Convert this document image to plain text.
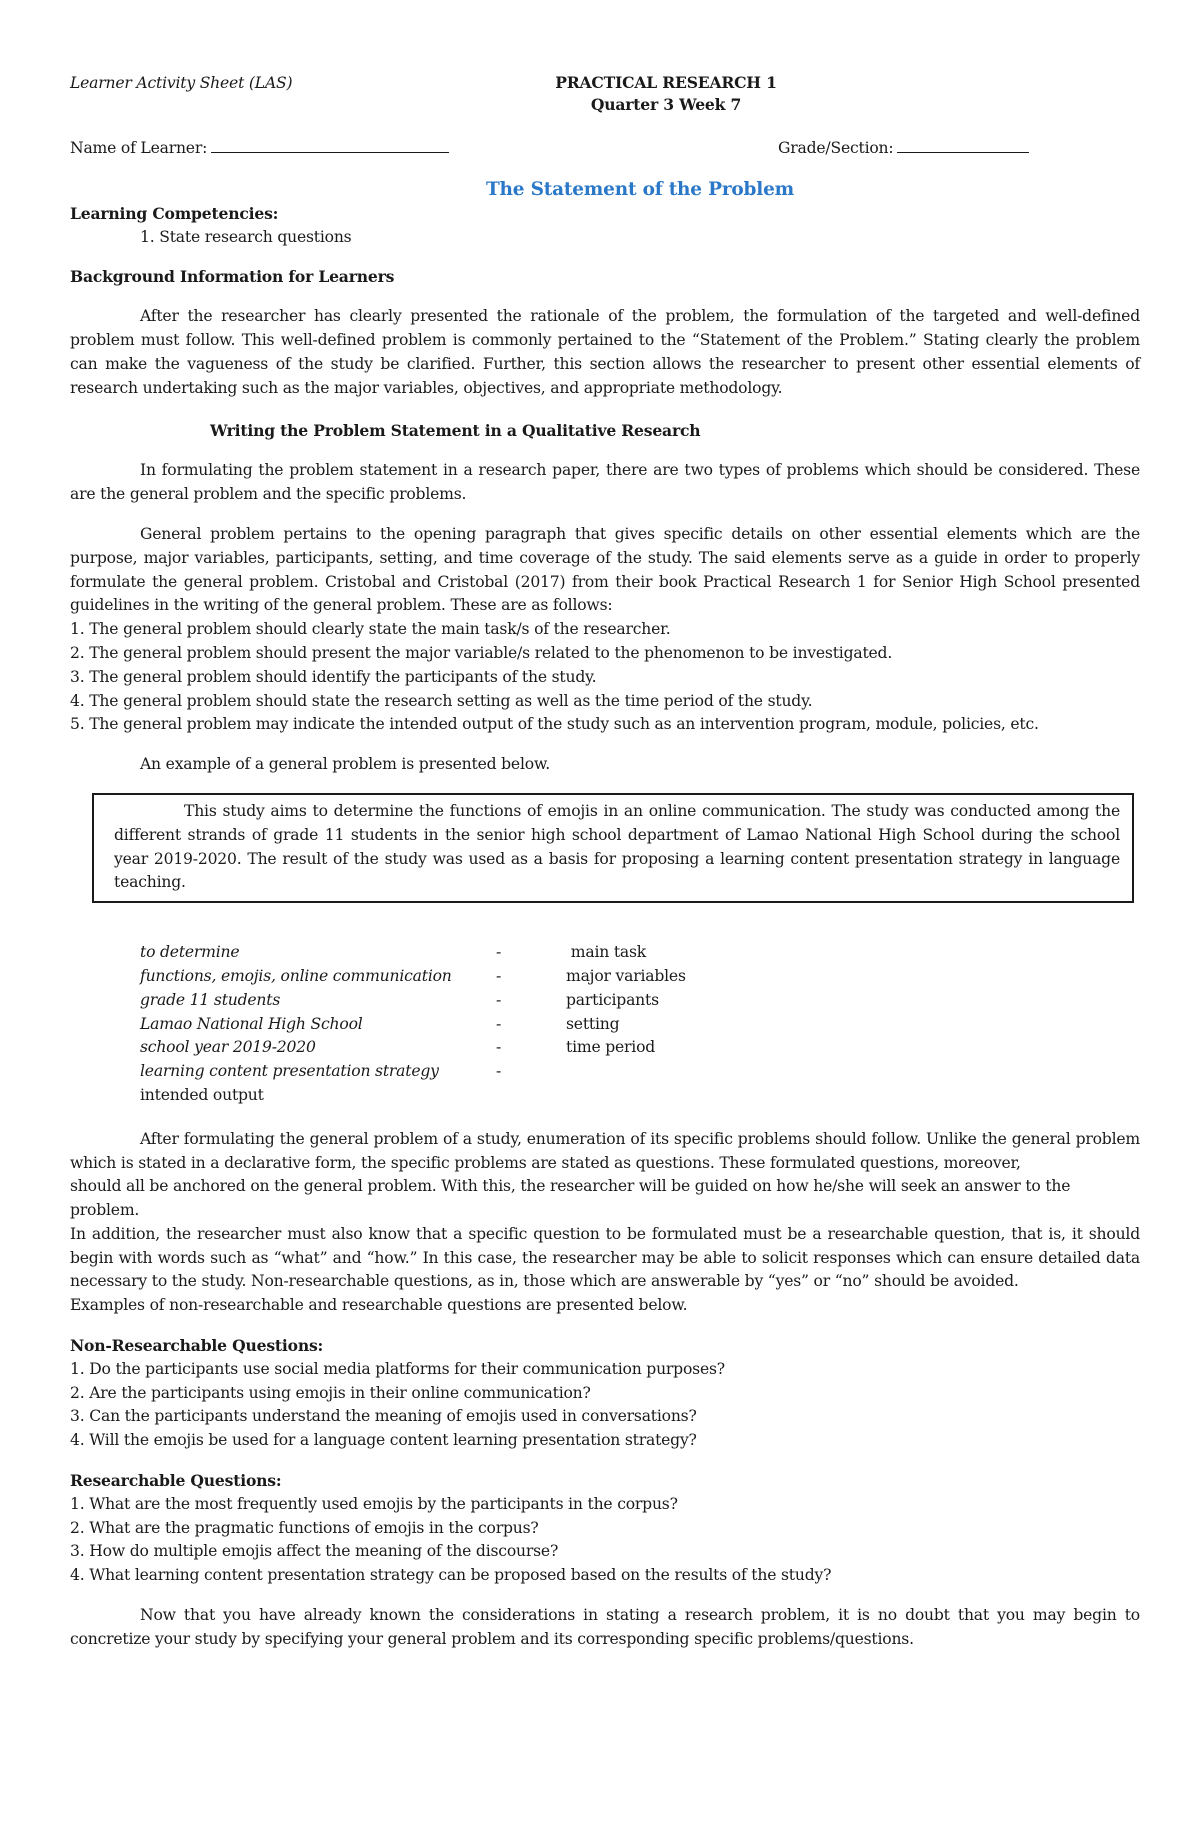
Learner Activity Sheet (LAS)	PRACTICAL RESEARCH 1
Quarter 3 Week 7
Name of Learner:	Grade/Section:
The Statement of the Problem
Learning Competencies:
1. State research questions
Background Information for Learners

After the researcher has clearly presented the rationale of the problem, the formulation of the targeted and well-defined problem must follow. This well-defined problem is commonly pertained to the “Statement of the Problem.” Stating clearly the problem can make the vagueness of the study be clarified. Further, this section allows the researcher to present other essential elements of research undertaking such as the major variables, objectives, and appropriate methodology.

Writing the Problem Statement in a Qualitative Research

In formulating the problem statement in a research paper, there are two types of problems which should be considered. These are the general problem and the specific problems.

General problem pertains to the opening paragraph that gives specific details on other essential elements which are the purpose, major variables, participants, setting, and time coverage of the study. The said elements serve as a guide in order to properly formulate the general problem. Cristobal and Cristobal (2017) from their book Practical Research 1 for Senior High School presented guidelines in the writing of the general problem. These are as follows:

1. The general problem should clearly state the main task/s of the researcher.
2. The general problem should present the major variable/s related to the phenomenon to be investigated.
3. The general problem should identify the participants of the study.
4. The general problem should state the research setting as well as the time period of the study.
5. The general problem may indicate the intended output of the study such as an intervention program, module, policies, etc.
An example of a general problem is presented below.
This study aims to determine the functions of emojis in an online communication. The study was conducted among the different strands of grade 11 students in the senior high school department of Lamao National High School during the school year 2019-2020. The result of the study was used as a basis for proposing a learning content presentation strategy in language teaching.
to determine	-	main task
functions, emojis, online communication	-	major variables
grade 11 students	-	participants
Lamao National High School	-	setting
school year 2019-2020	-	time period
learning content presentation strategy	-
intended output

After formulating the general problem of a study, enumeration of its specific problems should follow. Unlike the general problem which is stated in a declarative form, the specific problems are stated as questions. These formulated questions, moreover,

should all be anchored on the general problem. With this, the researcher will be guided on how he/she will seek an answer to the problem.

In addition, the researcher must also know that a specific question to be formulated must be a researchable question, that is, it should begin with words such as “what” and “how.” In this case, the researcher may be able to solicit responses which can ensure detailed data necessary to the study. Non-researchable questions, as in, those which are answerable by “yes” or “no” should be avoided.

Examples of non-researchable and researchable questions are presented below.

Non-Researchable Questions:
1. Do the participants use social media platforms for their communication purposes?
2. Are the participants using emojis in their online communication?
3. Can the participants understand the meaning of emojis used in conversations?
4. Will the emojis be used for a language content learning presentation strategy?
Researchable Questions:
1. What are the most frequently used emojis by the participants in the corpus?
2. What are the pragmatic functions of emojis in the corpus?
3. How do multiple emojis affect the meaning of the discourse?
4. What learning content presentation strategy can be proposed based on the results of the study?

Now that you have already known the considerations in stating a research problem, it is no doubt that you may begin to concretize your study by specifying your general problem and its corresponding specific problems/questions.
